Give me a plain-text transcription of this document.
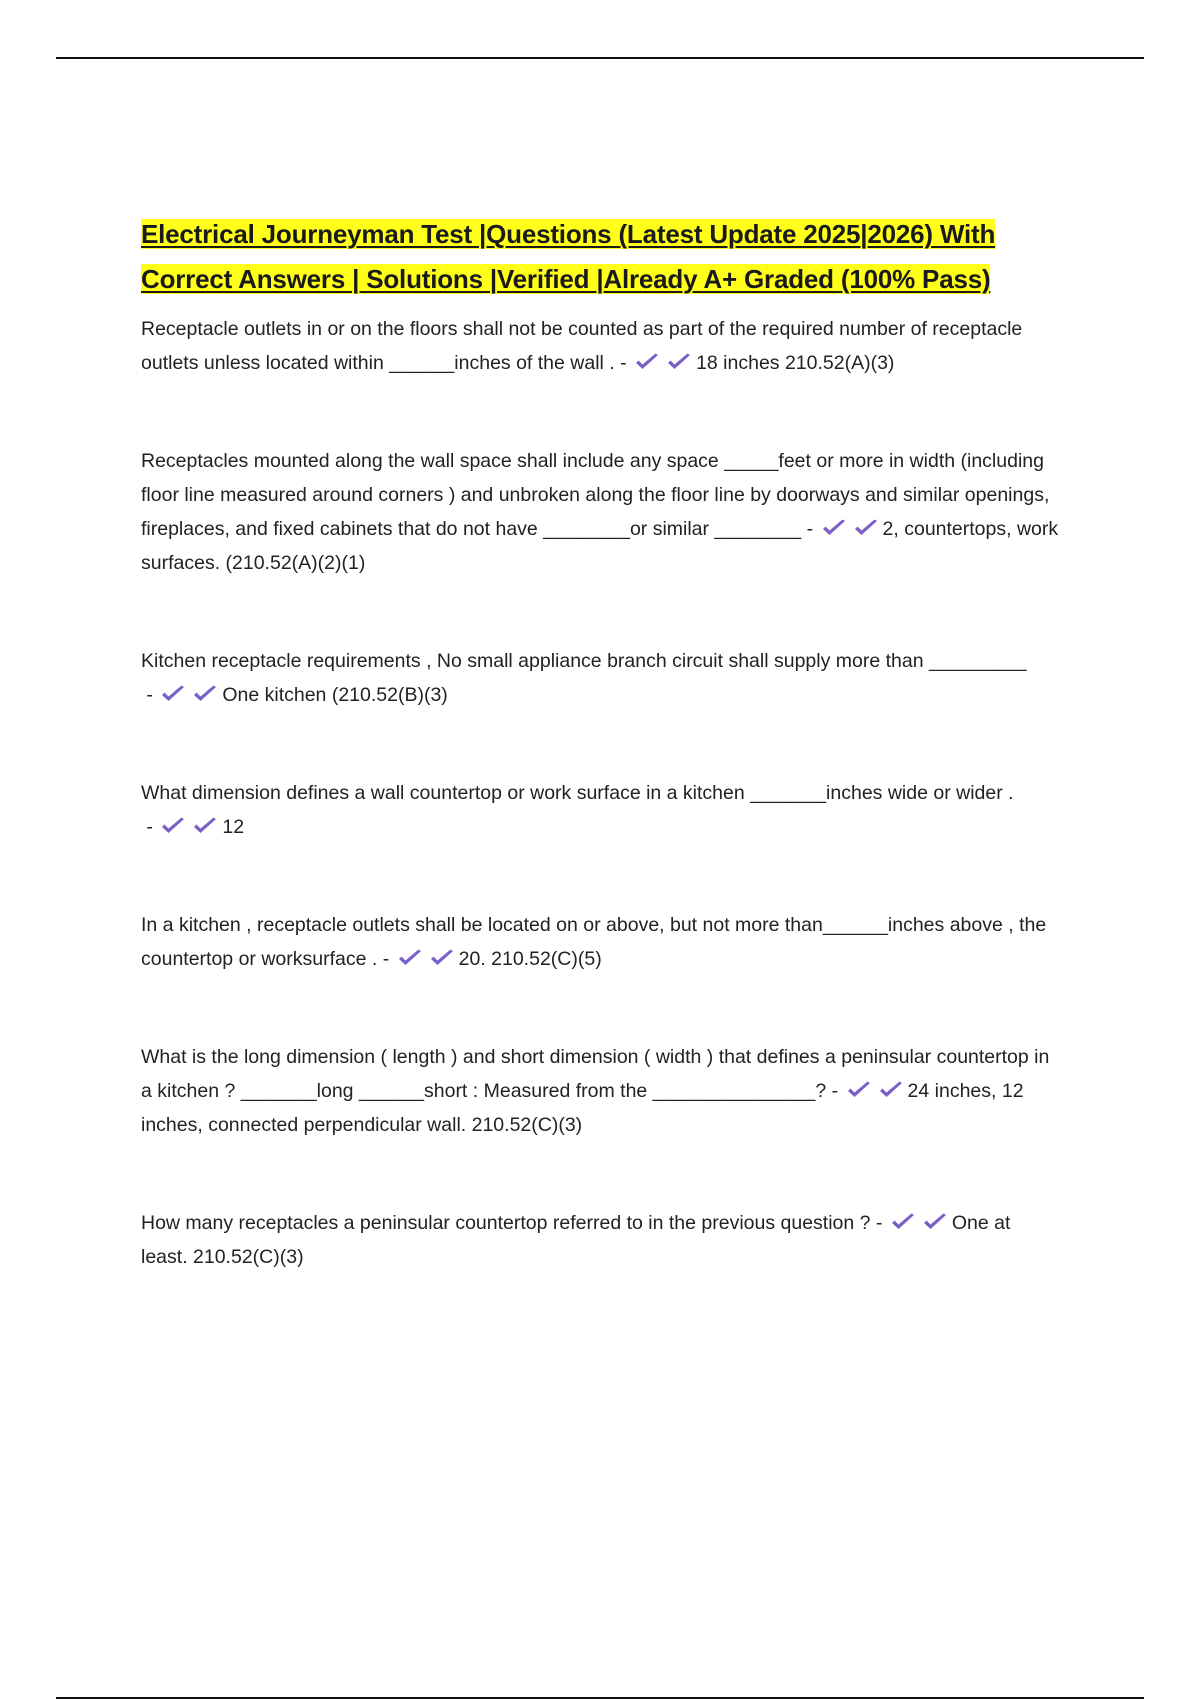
Electrical Journeyman Test |Questions (Latest Update 2025|2026) With Correct Answers | Solutions |Verified |Already A+ Graded (100% Pass)
Receptacle outlets in or on the floors shall not be counted as part of the required number of receptacle outlets unless located within ______inches of the wall . -	18 inches 210.52(A)(3)
Receptacles mounted along the wall space shall include any space _____feet or more in width (including floor line measured around corners ) and unbroken along the floor line by doorways and similar openings, fireplaces, and fixed cabinets that do not have ________or similar ________ -	2, countertops, work surfaces. (210.52(A)(2)(1)
Kitchen receptacle requirements , No small appliance branch circuit shall supply more than _________ -	One kitchen (210.52(B)(3)
What dimension defines a wall countertop or work surface in a kitchen _______inches wide or wider . -	12
In a kitchen , receptacle outlets shall be located on or above, but not more than______inches above , the countertop or worksurface . -	20. 210.52(C)(5)
What is the long dimension ( length ) and short dimension ( width ) that defines a peninsular countertop in a kitchen ? _______long ______short : Measured from the _______________? -	24 inches, 12 inches, connected perpendicular wall. 210.52(C)(3)
How many receptacles a peninsular countertop referred to in the previous question ? -	One at least. 210.52(C)(3)
